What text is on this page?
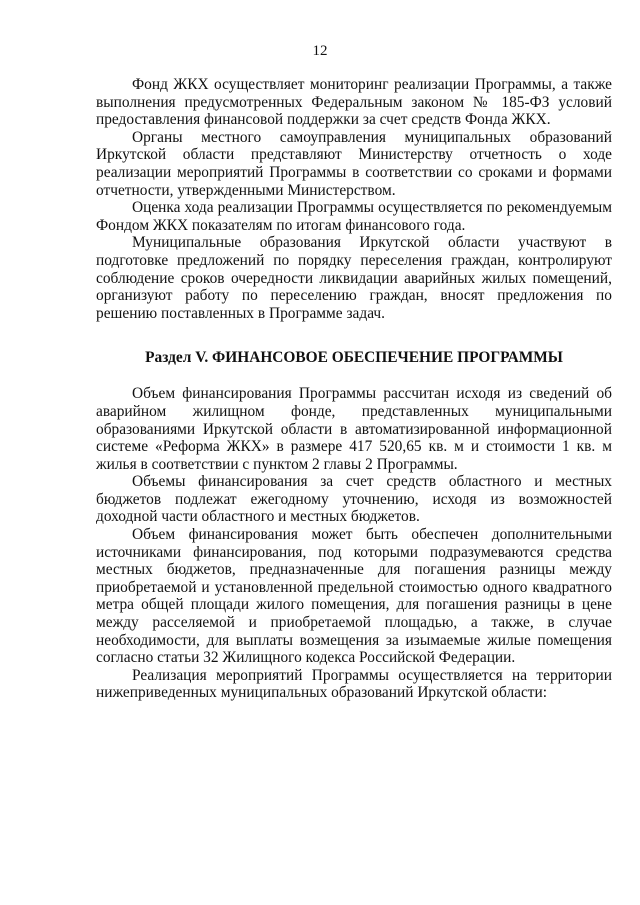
12

Фонд ЖКХ осуществляет мониторинг реализации Программы, а также выполнения предусмотренных Федеральным законом № 185-ФЗ условий предоставления финансовой поддержки за счет средств Фонда ЖКХ.

Органы местного самоуправления муниципальных образований Иркутской области представляют Министерству отчетность о ходе реализации мероприятий Программы в соответствии со сроками и формами отчетности, утвержденными Министерством.

Оценка хода реализации Программы осуществляется по рекомендуемым Фондом ЖКХ показателям по итогам финансового года.

Муниципальные образования Иркутской области участвуют в подготовке предложений по порядку переселения граждан, контролируют соблюдение сроков очередности ликвидации аварийных жилых помещений, организуют работу по переселению граждан, вносят предложения по решению поставленных в Программе задач.

Раздел V. ФИНАНСОВОЕ ОБЕСПЕЧЕНИЕ ПРОГРАММЫ

Объем финансирования Программы рассчитан исходя из сведений об аварийном жилищном фонде, представленных муниципальными образованиями Иркутской области в автоматизированной информационной системе «Реформа ЖКХ» в размере 417 520,65 кв. м и стоимости 1 кв. м жилья в соответствии с пунктом 2 главы 2 Программы.

Объемы финансирования за счет средств областного и местных бюджетов подлежат ежегодному уточнению, исходя из возможностей доходной части областного и местных бюджетов.

Объем финансирования может быть обеспечен дополнительными источниками финансирования, под которыми подразумеваются средства местных бюджетов, предназначенные для погашения разницы между приобретаемой и установленной предельной стоимостью одного квадратного метра общей площади жилого помещения, для погашения разницы в цене между расселяемой и приобретаемой площадью, а также, в случае необходимости, для выплаты возмещения за изымаемые жилые помещения согласно статьи 32 Жилищного кодекса Российской Федерации.

Реализация мероприятий Программы осуществляется на территории нижеприведенных муниципальных образований Иркутской области:
